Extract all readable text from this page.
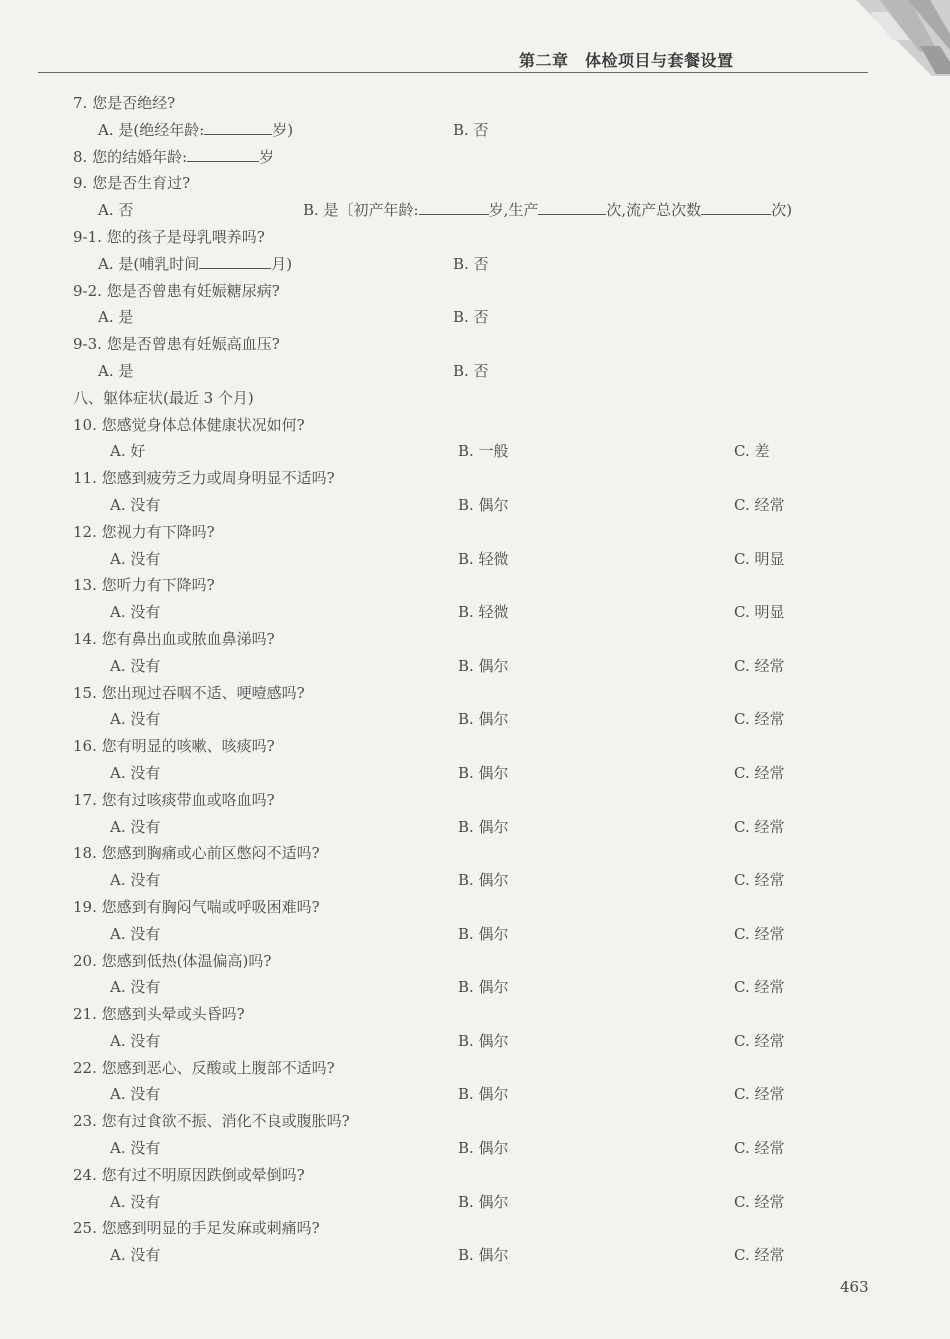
第二章　体检项目与套餐设置
7. 您是否绝经?
A. 是(绝经年龄:	岁)	B. 否
8. 您的结婚年龄:	岁
9. 您是否生育过?
A. 否	B. 是〔初产年龄:	岁,生产	次,流产总次数	次)
9-1. 您的孩子是母乳喂养吗?
A. 是(哺乳时间	月)	B. 否
9-2. 您是否曾患有妊娠糖尿病?
A. 是	B. 否
9-3. 您是否曾患有妊娠高血压?
A. 是	B. 否
八、躯体症状(最近 3 个月)
10. 您感觉身体总体健康状况如何?
A. 好	B. 一般	C. 差
11. 您感到疲劳乏力或周身明显不适吗?
A. 没有	B. 偶尔	C. 经常
12. 您视力有下降吗?
A. 没有	B. 轻微	C. 明显
13. 您听力有下降吗?
A. 没有	B. 轻微	C. 明显
14. 您有鼻出血或脓血鼻涕吗?
A. 没有	B. 偶尔	C. 经常
15. 您出现过吞咽不适、哽噎感吗?
A. 没有	B. 偶尔	C. 经常
16. 您有明显的咳嗽、咳痰吗?
A. 没有	B. 偶尔	C. 经常
17. 您有过咳痰带血或咯血吗?
A. 没有	B. 偶尔	C. 经常
18. 您感到胸痛或心前区憋闷不适吗?
A. 没有	B. 偶尔	C. 经常
19. 您感到有胸闷气喘或呼吸困难吗?
A. 没有	B. 偶尔	C. 经常
20. 您感到低热(体温偏高)吗?
A. 没有	B. 偶尔	C. 经常
21. 您感到头晕或头昏吗?
A. 没有	B. 偶尔	C. 经常
22. 您感到恶心、反酸或上腹部不适吗?
A. 没有	B. 偶尔	C. 经常
23. 您有过食欲不振、消化不良或腹胀吗?
A. 没有	B. 偶尔	C. 经常
24. 您有过不明原因跌倒或晕倒吗?
A. 没有	B. 偶尔	C. 经常
25. 您感到明显的手足发麻或刺痛吗?
A. 没有	B. 偶尔	C. 经常
463
